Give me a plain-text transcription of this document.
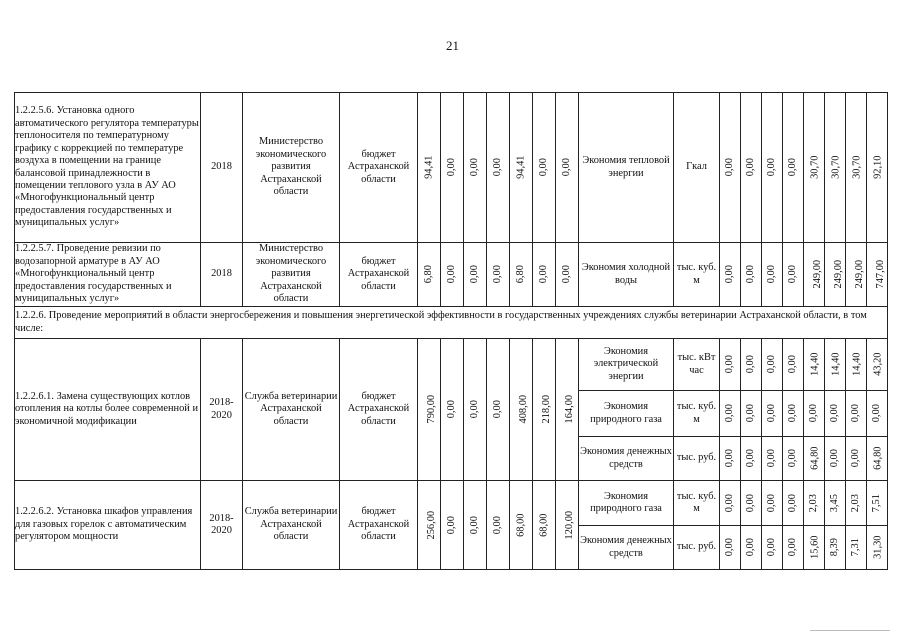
21
1.2.2.5.6. Установка одного автоматического регулятора температуры теплоносителя по температурному графику с коррекцией по температуре воздуха в помещении на границе балансовой принадлежности в помещении теплового узла в АУ АО «Многофункциональный центр предоставления государственных и муниципальных услуг»	2018	Министерство экономического развития Астраханской области	бюджет Астраханской области	94,41	0,00	0,00	0,00	94,41	0,00	0,00	Экономия тепловой энергии	Гкал	0,00	0,00	0,00	0,00	30,70	30,70	30,70	92,10
1.2.2.5.7. Проведение ревизии по водозапорной арматуре в АУ АО «Многофункциональный центр предоставления государственных и муниципальных услуг»	2018	Министерство экономического развития Астраханской области	бюджет Астраханской области	6,80	0,00	0,00	0,00	6,80	0,00	0,00	Экономия холодной воды	тыс. куб. м	0,00	0,00	0,00	0,00	249,00	249,00	249,00	747,00
1.2.2.6. Проведение мероприятий в области энергосбережения и повышения энергетической эффективности в государственных учреждениях службы ветеринарии Астраханской области, в том числе:																				
1.2.2.6.1. Замена существующих котлов отопления на котлы более современной и экономичной модификации	2018-2020	Служба ветеринарии Астраханской области	бюджет Астраханской области	790,00	0,00	0,00	0,00	408,00	218,00	164,00	Экономия электрической энергии	тыс. кВт час	0,00	0,00	0,00	0,00	14,40	14,40	14,40	43,20
											Экономия природного газа	тыс. куб. м	0,00	0,00	0,00	0,00	0,00	0,00	0,00	0,00
											Экономия денежных средств	тыс. руб.	0,00	0,00	0,00	0,00	64,80	0,00	0,00	64,80
1.2.2.6.2. Установка шкафов управления для газовых горелок с автоматическим регулятором мощности	2018-2020	Служба ветеринарии Астраханской области	бюджет Астраханской области	256,00	0,00	0,00	0,00	68,00	68,00	120,00	Экономия природного газа	тыс. куб. м	0,00	0,00	0,00	0,00	2,03	3,45	2,03	7,51
											Экономия денежных средств	тыс. руб.	0,00	0,00	0,00	0,00	15,60	8,39	7,31	31,30
